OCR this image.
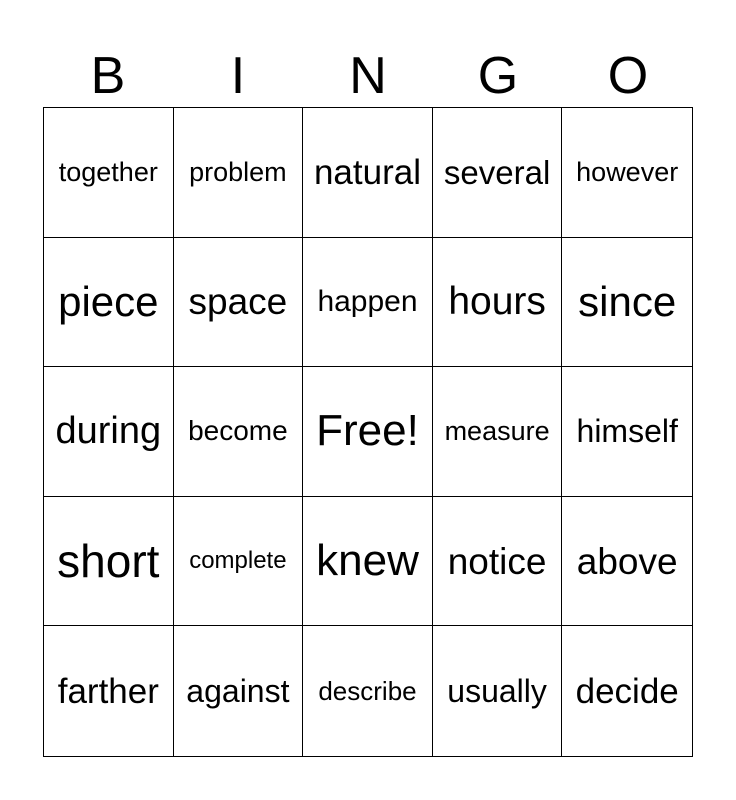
B	I	N	G	O
together problem natural several however
piece space happen hours since
during become Free! measure himself
short complete knew notice above
farther against describe usually decide
